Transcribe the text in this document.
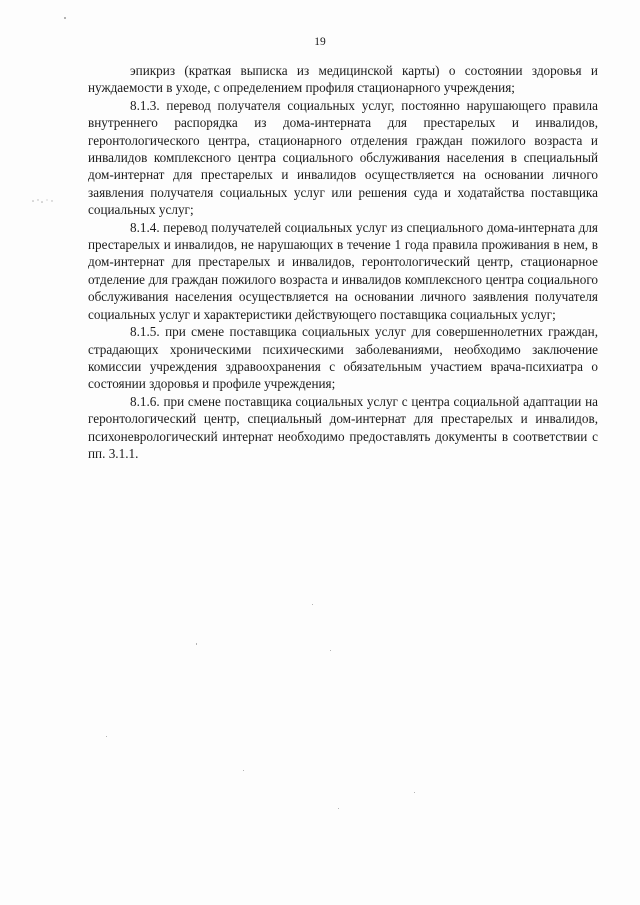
19

эпикриз (краткая выписка из медицинской карты) о состоянии здоровья и нуждаемости в уходе, с определением профиля стационарного учреждения;

8.1.3. перевод получателя социальных услуг, постоянно нарушающего правила внутреннего распорядка из дома-интерната для престарелых и инвалидов, геронтологического центра, стационарного отделения граждан пожилого возраста и инвалидов комплексного центра социального обслуживания населения в специальный дом-интернат для престарелых и инвалидов осуществляется на основании личного заявления получателя социальных услуг или решения суда и ходатайства поставщика социальных услуг;

8.1.4. перевод получателей социальных услуг из специального дома-интерната для престарелых и инвалидов, не нарушающих в течение 1 года правила проживания в нем, в дом-интернат для престарелых и инвалидов, геронтологический центр, стационарное отделение для граждан пожилого возраста и инвалидов комплексного центра социального обслуживания населения осуществляется на основании личного заявления получателя социальных услуг и характеристики действующего поставщика социальных услуг;

8.1.5. при смене поставщика социальных услуг для совершеннолетних граждан, страдающих хроническими психическими заболеваниями, необходимо заключение комиссии учреждения здравоохранения с обязательным участием врача-психиатра о состоянии здоровья и профиле учреждения;

8.1.6. при смене поставщика социальных услуг с центра социальной адаптации на геронтологический центр, специальный дом-интернат для престарелых и инвалидов, психоневрологический интернат необходимо предоставлять документы в соответствии с пп. 3.1.1.
